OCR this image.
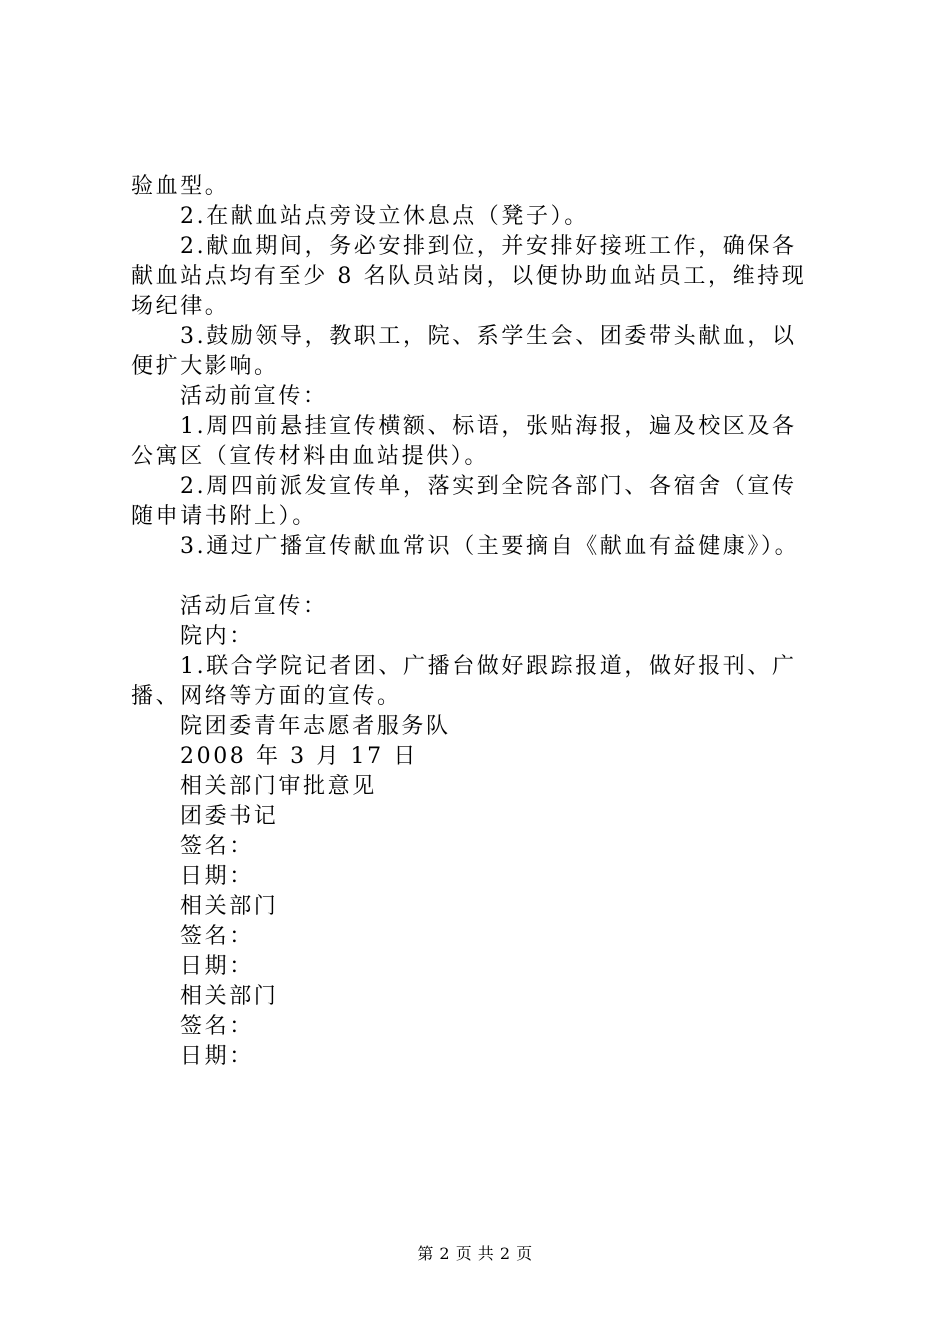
验血型。
2.在献血站点旁设立休息点（凳子）。
2.献血期间，务必安排到位，并安排好接班工作，确保各
献血站点均有至少 8 名队员站岗，以便协助血站员工，维持现
场纪律。
3.鼓励领导，教职工，院、系学生会、团委带头献血，以
便扩大影响。
活动前宣传：
1.周四前悬挂宣传横额、标语，张贴海报，遍及校区及各
公寓区（宣传材料由血站提供）。
2.周四前派发宣传单，落实到全院各部门、各宿舍（宣传
随申请书附上）。
3.通过广播宣传献血常识（主要摘自《献血有益健康》）。
活动后宣传：
院内：
1.联合学院记者团、广播台做好跟踪报道，做好报刊、广
播、网络等方面的宣传。
院团委青年志愿者服务队
2008 年 3 月 17 日
相关部门审批意见
团委书记
签名：
日期：
相关部门
签名：
日期：
相关部门
签名：
日期：
第 2 页 共 2 页
